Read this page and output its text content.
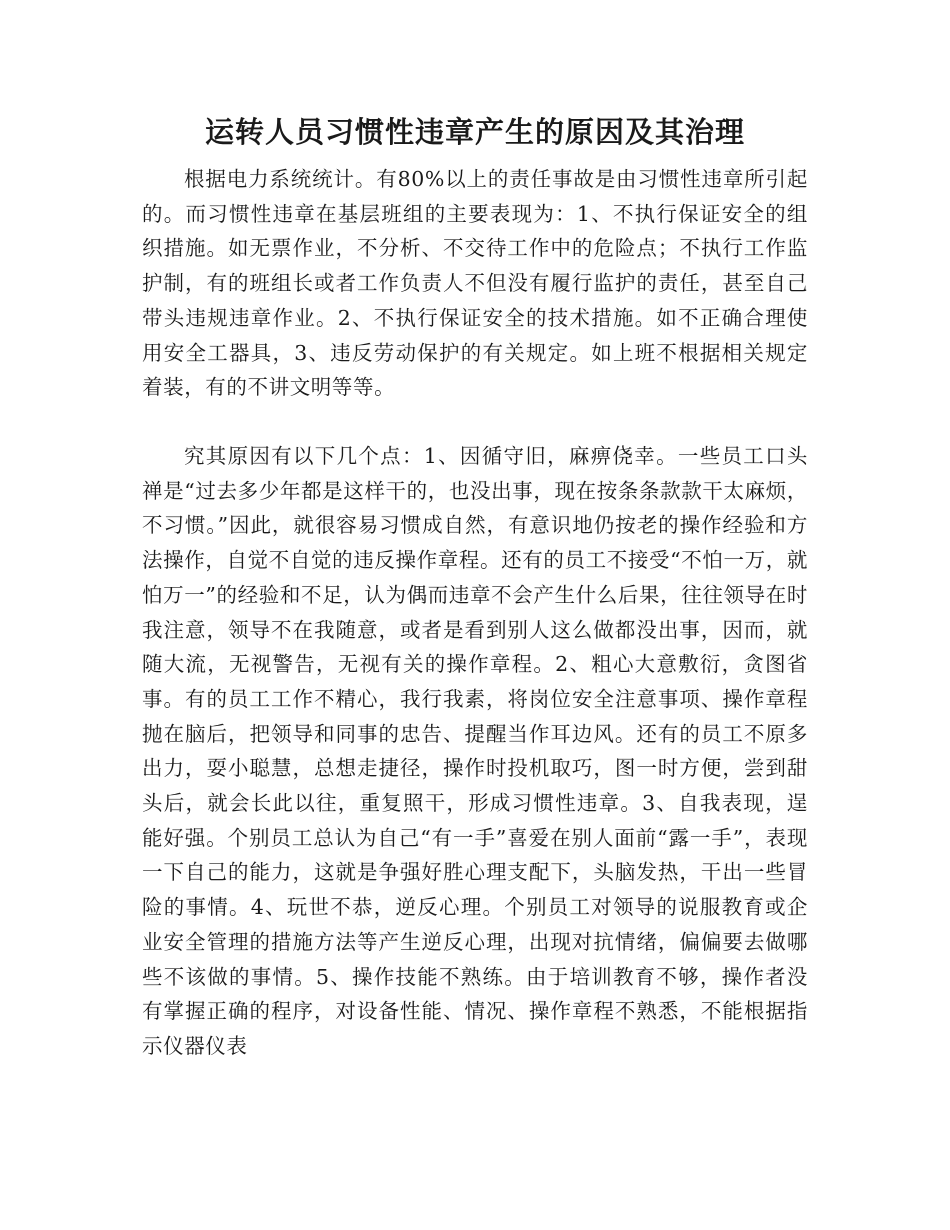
运转人员习惯性违章产生的原因及其治理

根据电力系统统计。有80%以上的责任事故是由习惯性违章所引起的。而习惯性违章在基层班组的主要表现为：1、不执行保证安全的组织措施。如无票作业，不分析、不交待工作中的危险点；不执行工作监护制，有的班组长或者工作负责人不但没有履行监护的责任，甚至自己带头违规违章作业。2、不执行保证安全的技术措施。如不正确合理使用安全工器具，3、违反劳动保护的有关规定。如上班不根据相关规定着装，有的不讲文明等等。

究其原因有以下几个点：1、因循守旧，麻痹侥幸。一些员工口头禅是“过去多少年都是这样干的，也没出事，现在按条条款款干太麻烦，不习惯。”因此，就很容易习惯成自然，有意识地仍按老的操作经验和方法操作，自觉不自觉的违反操作章程。还有的员工不接受“不怕一万，就怕万一”的经验和不足，认为偶而违章不会产生什么后果，往往领导在时我注意，领导不在我随意，或者是看到别人这么做都没出事，因而，就随大流，无视警告，无视有关的操作章程。2、粗心大意敷衍，贪图省事。有的员工工作不精心，我行我素，将岗位安全注意事项、操作章程抛在脑后，把领导和同事的忠告、提醒当作耳边风。还有的员工不原多出力，耍小聪慧，总想走捷径，操作时投机取巧，图一时方便，尝到甜头后，就会长此以往，重复照干，形成习惯性违章。3、自我表现，逞能好强。个别员工总认为自己“有一手”喜爱在别人面前“露一手”，表现一下自己的能力，这就是争强好胜心理支配下，头脑发热，干出一些冒险的事情。4、玩世不恭，逆反心理。个别员工对领导的说服教育或企业安全管理的措施方法等产生逆反心理，出现对抗情绪，偏偏要去做哪些不该做的事情。5、操作技能不熟练。由于培训教育不够，操作者没有掌握正确的程序，对设备性能、情况、操作章程不熟悉，不能根据指示仪器仪表
